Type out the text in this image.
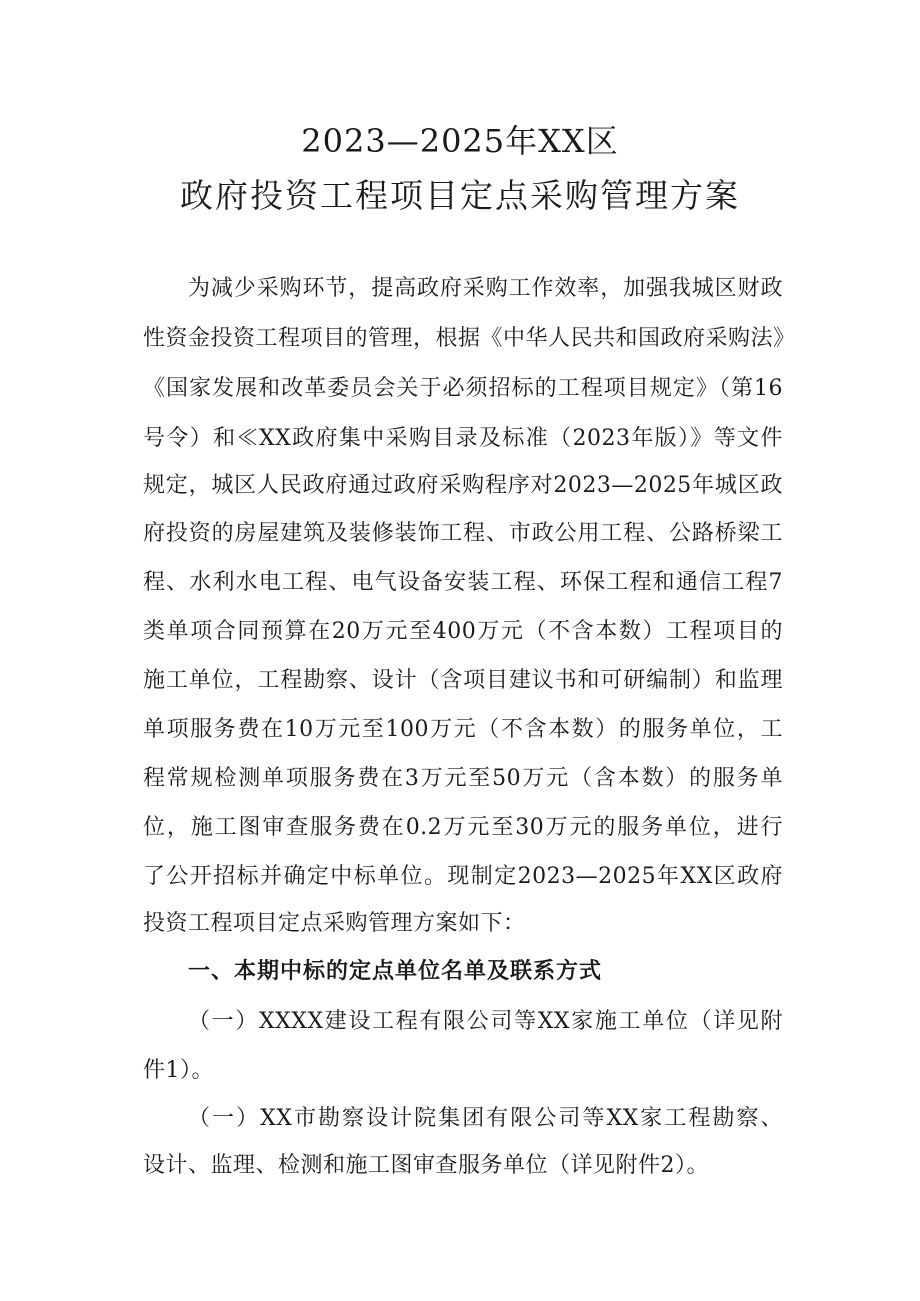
2023—2025年XX区
政府投资工程项目定点采购管理方案
为减少采购环节，提高政府采购工作效率，加强我城区财政
性资金投资工程项目的管理，根据《中华人民共和国政府采购法》
《国家发展和改革委员会关于必须招标的工程项目规定》（第16
号令）和≪XX政府集中采购目录及标准（2023年版）》等文件
规定，城区人民政府通过政府采购程序对2023—2025年城区政
府投资的房屋建筑及装修装饰工程、市政公用工程、公路桥梁工
程、水利水电工程、电气设备安装工程、环保工程和通信工程7
类单项合同预算在20万元至400万元（不含本数）工程项目的
施工单位，工程勘察、设计（含项目建议书和可研编制）和监理
单项服务费在10万元至100万元（不含本数）的服务单位，工
程常规检测单项服务费在3万元至50万元（含本数）的服务单
位，施工图审查服务费在0.2万元至30万元的服务单位，进行
了公开招标并确定中标单位。现制定2023—2025年XX区政府
投资工程项目定点采购管理方案如下：
一、本期中标的定点单位名单及联系方式
（一）XXXX建设工程有限公司等XX家施工单位（详见附
件1）。
（一）XX市勘察设计院集团有限公司等XX家工程勘察、
设计、监理、检测和施工图审查服务单位（详见附件2）。
